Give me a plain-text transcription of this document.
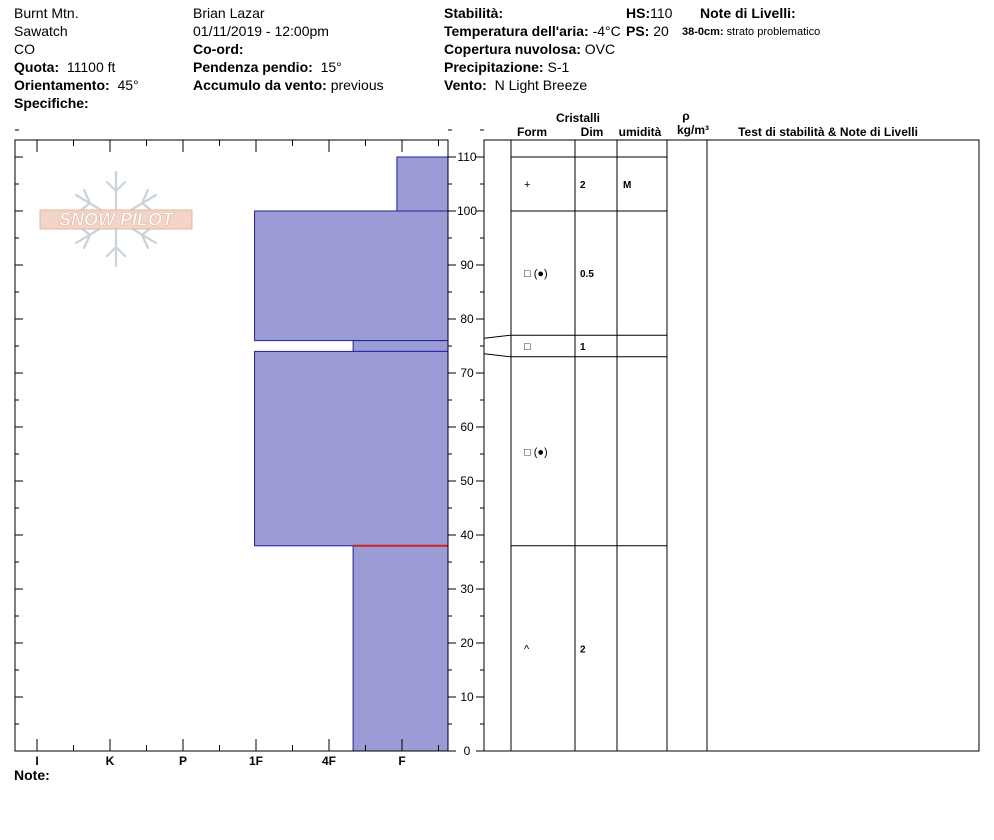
Burnt Mtn.
Sawatch
CO
Quota: 11100 ft
Orientamento: 45°
Specifiche:
Brian Lazar
01/11/2019 - 12:00pm
Co-ord:
Pendenza pendio: 15°
Accumulo da vento: previous
Stabilità:
Temperatura dell'aria: -4°C
Copertura nuvolosa: OVC
Precipitazione: S-1
Vento: N Light Breeze
HS:110
PS: 20
Note di Livelli:
38-0cm: strato problematico
Note:
SNOW PILOT
I	K	P	1F	4F	F
0
10
20
30
40
50
60
70
80
90
100
110
Cristalli
Form	Dim umidità
ρ
kg/m³ Test di stabilità & Note di Livelli
+	2	M
□ (●)	0.5
□	1
□ (●)
^	2
